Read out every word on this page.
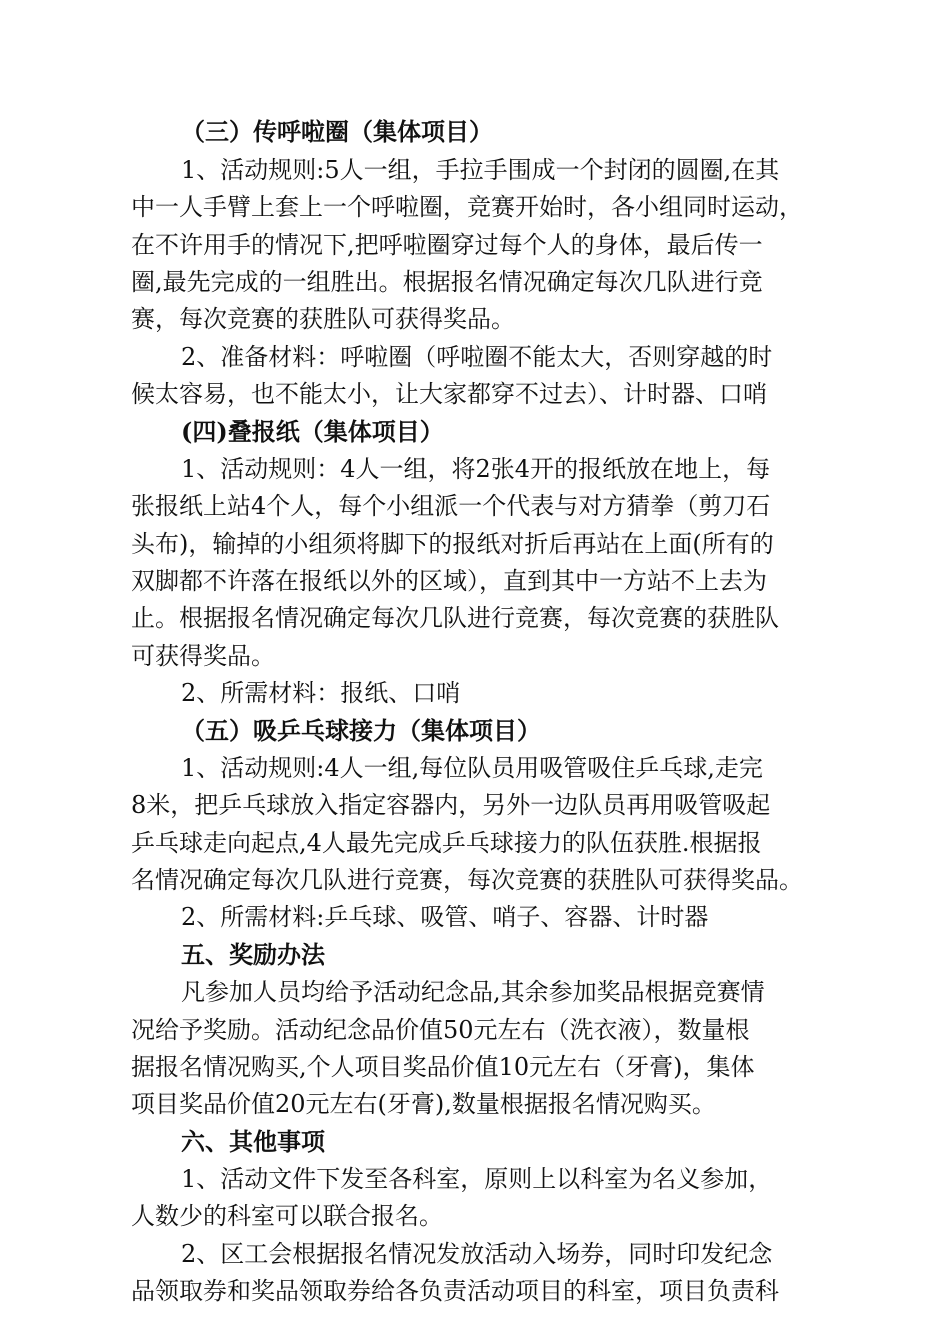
（三）传呼啦圈（集体项目）

1、活动规则:5人一组，手拉手围成一个封闭的圆圈,在其

中一人手臂上套上一个呼啦圈，竞赛开始时，各小组同时运动，

在不许用手的情况下,把呼啦圈穿过每个人的身体，最后传一

圈,最先完成的一组胜出。根据报名情况确定每次几队进行竞

赛，每次竞赛的获胜队可获得奖品。

2、准备材料：呼啦圈（呼啦圈不能太大，否则穿越的时

候太容易，也不能太小，让大家都穿不过去）、计时器、口哨

(四)叠报纸（集体项目）

1、活动规则：4人一组，将2张4开的报纸放在地上，每

张报纸上站4个人，每个小组派一个代表与对方猜拳（剪刀石

头布)，输掉的小组须将脚下的报纸对折后再站在上面(所有的

双脚都不许落在报纸以外的区域），直到其中一方站不上去为

止。根据报名情况确定每次几队进行竞赛，每次竞赛的获胜队

可获得奖品。

2、所需材料：报纸、口哨

（五）吸乒乓球接力（集体项目）

1、活动规则:4人一组,每位队员用吸管吸住乒乓球,走完

8米，把乒乓球放入指定容器内，另外一边队员再用吸管吸起

乒乓球走向起点,4人最先完成乒乓球接力的队伍获胜.根据报

名情况确定每次几队进行竞赛，每次竞赛的获胜队可获得奖品。

2、所需材料:乒乓球、吸管、哨子、容器、计时器

五、奖励办法

凡参加人员均给予活动纪念品,其余参加奖品根据竞赛情

况给予奖励。活动纪念品价值50元左右（洗衣液），数量根

据报名情况购买,个人项目奖品价值10元左右（牙膏)，集体

项目奖品价值20元左右(牙膏),数量根据报名情况购买。

六、其他事项

1、活动文件下发至各科室，原则上以科室为名义参加，

人数少的科室可以联合报名。

2、区工会根据报名情况发放活动入场券，同时印发纪念

品领取券和奖品领取券给各负责活动项目的科室，项目负责科
